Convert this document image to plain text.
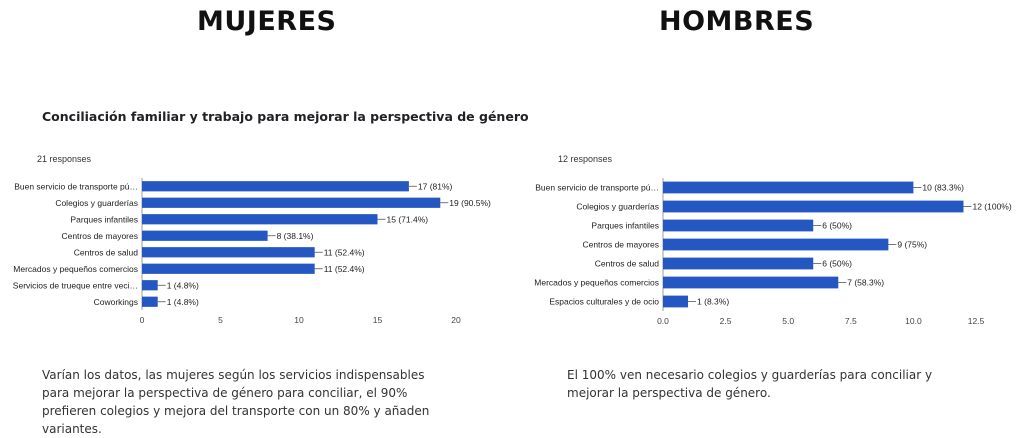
MUJERES	HOMBRES
Conciliación familiar y trabajo para mejorar la perspectiva de género
21 responses	12 responses
Buen servicio de transporte pú…	17 (81%)
Colegios y guarderías	19 (90.5%)
Parques infantiles	15 (71.4%)
Centros de mayores	8 (38.1%)
Centros de salud	11 (52.4%)
Mercados y pequeños comercios	11 (52.4%)
Servicios de trueque entre veci…	1 (4.8%)
Coworkings	1 (4.8%)
0	5	10	15	20
Buen servicio de transporte pú…	10 (83.3%)
Colegios y guarderías	12 (100%)
Parques infantiles	6 (50%)
Centros de mayores	9 (75%)
Centros de salud	6 (50%)
Mercados y pequeños comercios	7 (58.3%)
Espacios culturales y de ocio	1 (8.3%)
0.0	2.5	5.0	7.5	10.0	12.5
Varían los datos, las mujeres según los servicios indispensables para mejorar la perspectiva de género para conciliar, el 90% prefieren colegios y mejora del transporte con un 80% y añaden variantes.
El 100% ven necesario colegios y guarderías para conciliar y mejorar la perspectiva de género.
